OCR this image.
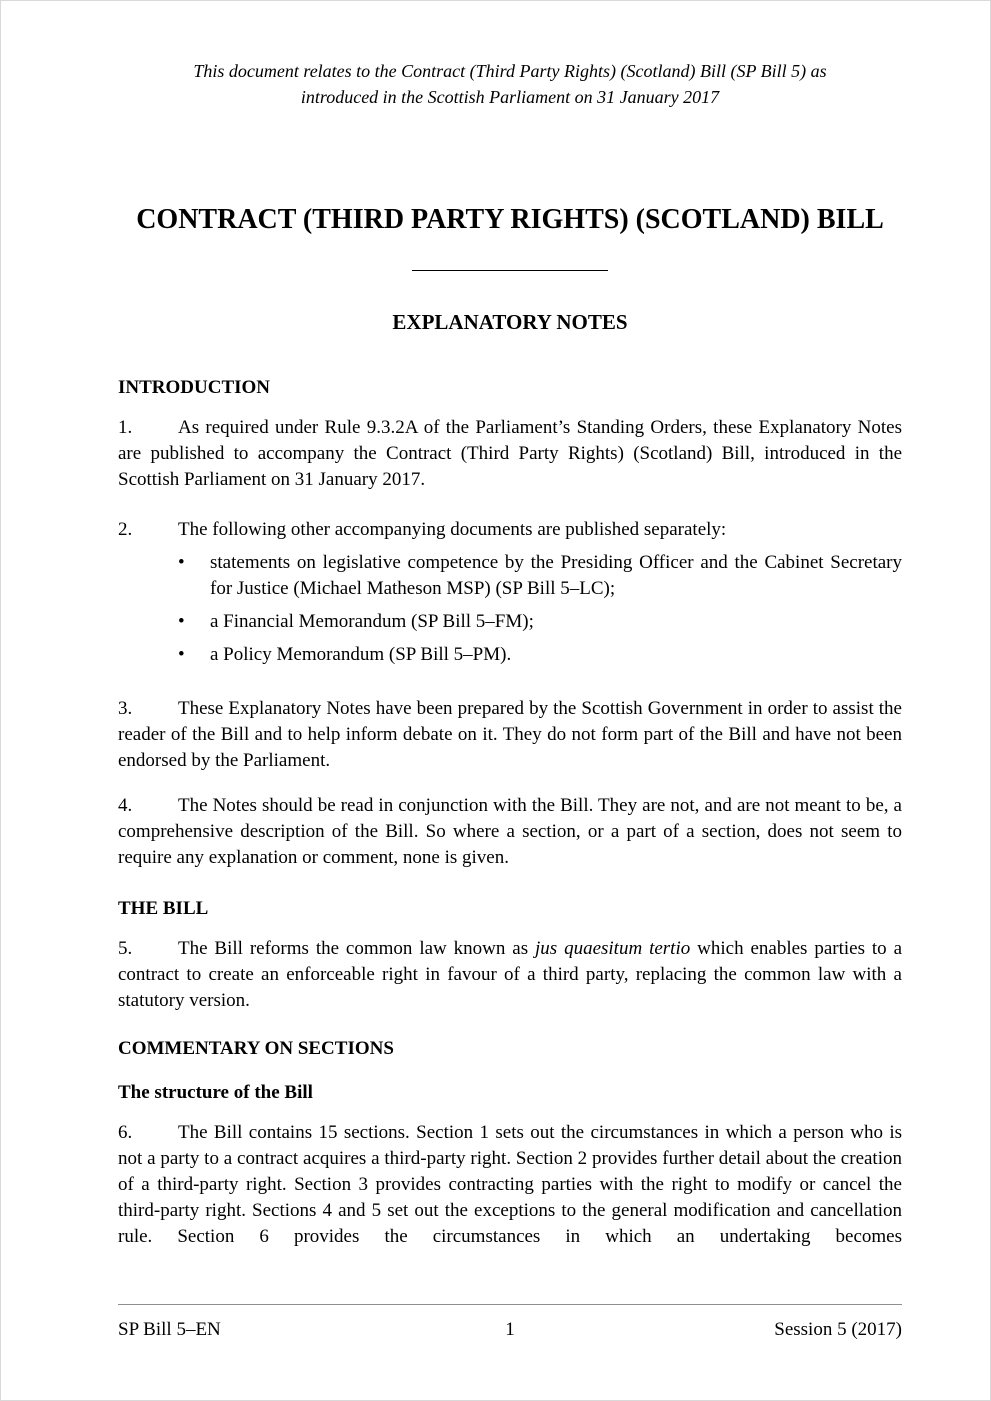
This document relates to the Contract (Third Party Rights) (Scotland) Bill (SP Bill 5) as introduced in the Scottish Parliament on 31 January 2017

CONTRACT (THIRD PARTY RIGHTS) (SCOTLAND) BILL
EXPLANATORY NOTES
INTRODUCTION

1. As required under Rule 9.3.2A of the Parliament’s Standing Orders, these Explanatory Notes are published to accompany the Contract (Third Party Rights) (Scotland) Bill, introduced in the Scottish Parliament on 31 January 2017.

2. The following other accompanying documents are published separately:

• statements on legislative competence by the Presiding Officer and the Cabinet Secretary for Justice (Michael Matheson MSP) (SP Bill 5–LC);
• a Financial Memorandum (SP Bill 5–FM);
• a Policy Memorandum (SP Bill 5–PM).

3. These Explanatory Notes have been prepared by the Scottish Government in order to assist the reader of the Bill and to help inform debate on it. They do not form part of the Bill and have not been endorsed by the Parliament.

4. The Notes should be read in conjunction with the Bill. They are not, and are not meant to be, a comprehensive description of the Bill. So where a section, or a part of a section, does not seem to require any explanation or comment, none is given.

THE BILL

5. The Bill reforms the common law known as jus quaesitum tertio which enables parties to a contract to create an enforceable right in favour of a third party, replacing the common law with a statutory version.

COMMENTARY ON SECTIONS
The structure of the Bill

6. The Bill contains 15 sections. Section 1 sets out the circumstances in which a person who is not a party to a contract acquires a third-party right. Section 2 provides further detail about the creation of a third-party right. Section 3 provides contracting parties with the right to modify or cancel the third-party right. Sections 4 and 5 set out the exceptions to the general modification and cancellation rule. Section 6 provides the circumstances in which an undertaking becomes

SP Bill 5–EN	1	Session 5 (2017)
